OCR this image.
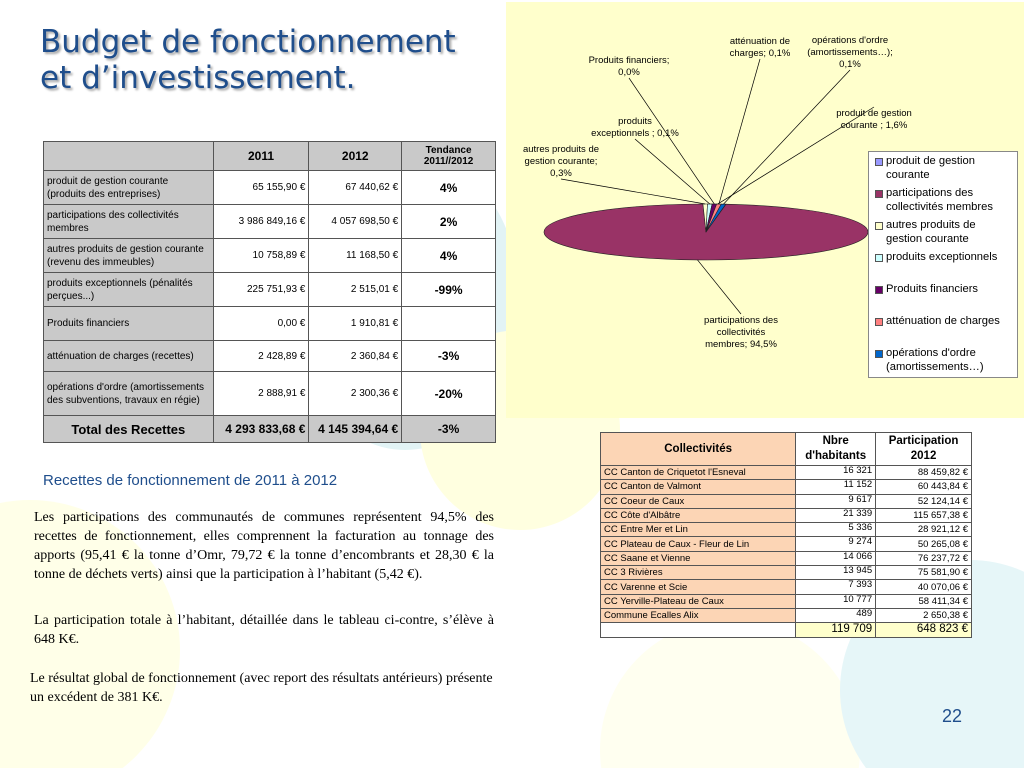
Budget de fonctionnement
et d’investissement.
	2011	2012	Tendance 2011//2012
produit de gestion courante (produits des entreprises)	65 155,90 €	67 440,62 €	4%
participations des collectivités membres	3 986 849,16 €	4 057 698,50 €	2%
autres produits de gestion courante (revenu des immeubles)	10 758,89 €	11 168,50 €	4%
produits exceptionnels (pénalités perçues...)	225 751,93 €	2 515,01 €	-99%
Produits financiers	0,00 €	1 910,81 €	
atténuation de charges (recettes)	2 428,89 €	2 360,84 €	-3%
opérations d'ordre (amortissements des subventions, travaux en régie)	2 888,91 €	2 300,36 €	-20%
Total des Recettes	4 293 833,68 €	4 145 394,64 €	-3%
Recettes de fonctionnement de 2011 à 2012
Les participations des communautés de communes représentent 94,5% des recettes de fonctionnement, elles comprennent la facturation au tonnage des apports (95,41 € la tonne d’Omr, 79,72 € la tonne d’encombrants et 28,30 € la tonne de déchets verts) ainsi que la participation à l’habitant (5,42 €).
La participation totale à l’habitant, détaillée dans le tableau ci-contre, s’élève à 648 K€.
Le résultat global de fonctionnement (avec report des résultats antérieurs) présente un excédent de 381 K€.
produit de gestion courante ; 1,6%
participations des collectivités membres; 94,5%
autres produits de gestion courante; 0,3%
produits exceptionnels ; 0,1%
Produits financiers; 0,0%
atténuation de charges; 0,1%
opérations d'ordre (amortissements…); 0,1%
produit de gestion
courante
participations des
collectivités membres
autres produits de
gestion courante
produits exceptionnels
Produits financiers
atténuation de charges
opérations d'ordre
(amortissements…)
Collectivités	Nbre d'habitants	Participation 2012
CC Canton de Criquetot l'Esneval	16 321	88 459,82 €
CC Canton de Valmont	11 152	60 443,84 €
CC Coeur de Caux	9 617	52 124,14 €
CC Côte d'Albâtre	21 339	115 657,38 €
CC Entre Mer et Lin	5 336	28 921,12 €
CC Plateau de Caux - Fleur de Lin	9 274	50 265,08 €
CC Saane et Vienne	14 066	76 237,72 €
CC 3 Rivières	13 945	75 581,90 €
CC Varenne et Scie	7 393	40 070,06 €
CC Yerville-Plateau de Caux	10 777	58 411,34 €
Commune Ecalles Alix	489	2 650,38 €
	119 709	648 823 €
22
